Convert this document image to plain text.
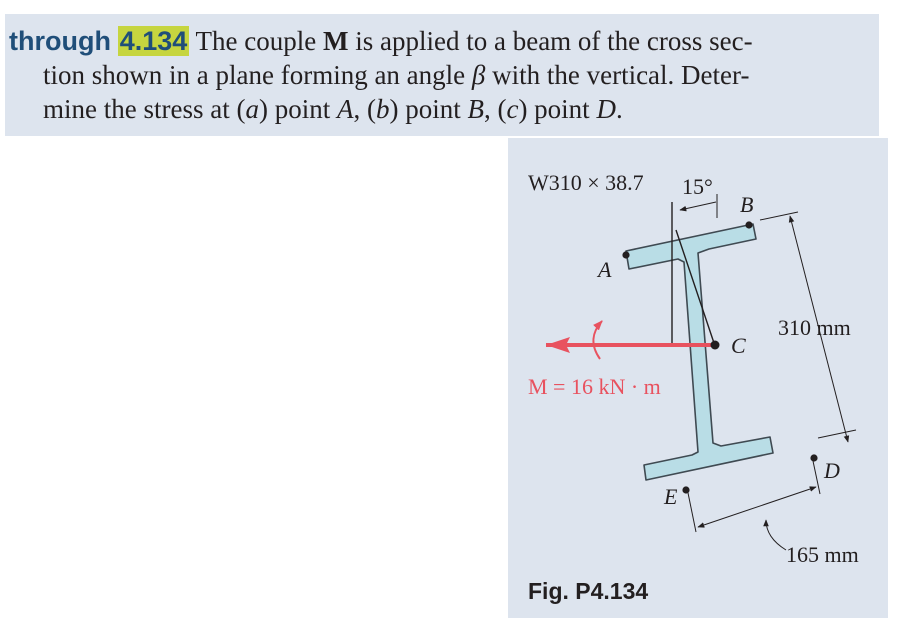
through 4.134 The couple M is applied to a beam of the cross sec-
tion shown in a plane forming an angle β with the vertical. Deter-
mine the stress at (a) point A, (b) point B, (c) point D.
W310 × 38.7 15°
B
A
C
310 mm
M = 16 kN · m
D
E
165 mm
Fig. P4.134
